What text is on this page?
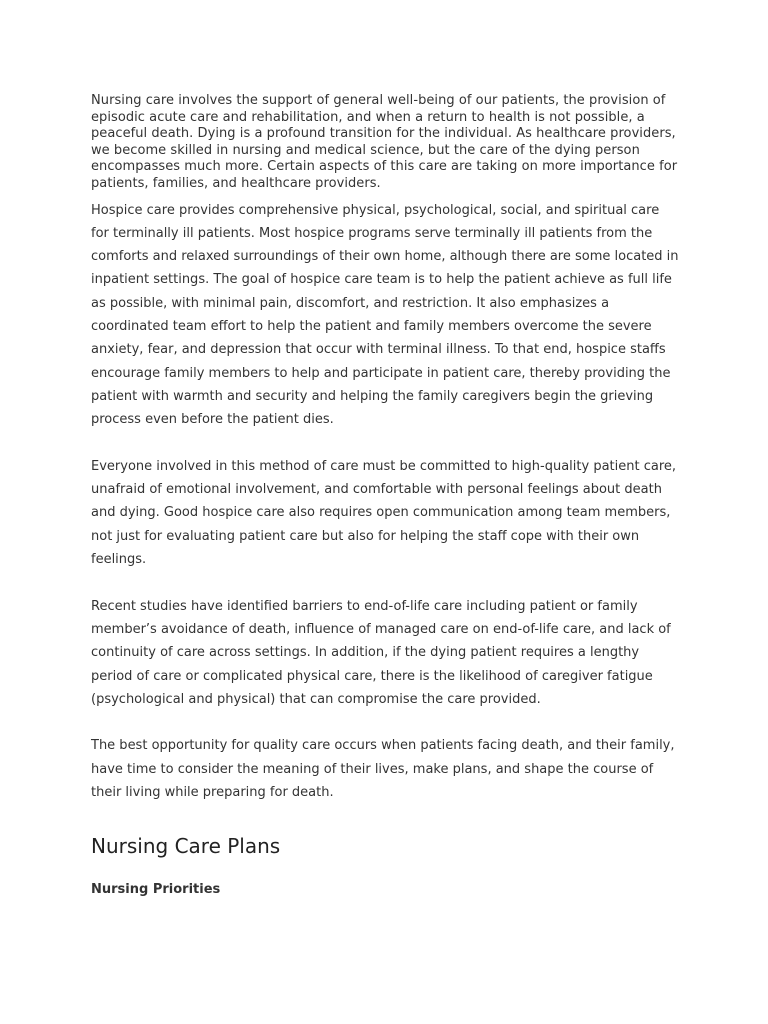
Nursing care involves the support of general well-being of our patients, the provision of episodic acute care and rehabilitation, and when a return to health is not possible, a peaceful death. Dying is a profound transition for the individual. As healthcare providers, we become skilled in nursing and medical science, but the care of the dying person encompasses much more. Certain aspects of this care are taking on more importance for patients, families, and healthcare providers.

Hospice care provides comprehensive physical, psychological, social, and spiritual care for terminally ill patients. Most hospice programs serve terminally ill patients from the comforts and relaxed surroundings of their own home, although there are some located in inpatient settings. The goal of hospice care team is to help the patient achieve as full life as possible, with minimal pain, discomfort, and restriction. It also emphasizes a coordinated team effort to help the patient and family members overcome the severe anxiety, fear, and depression that occur with terminal illness. To that end, hospice staffs encourage family members to help and participate in patient care, thereby providing the patient with warmth and security and helping the family caregivers begin the grieving process even before the patient dies.

Everyone involved in this method of care must be committed to high-quality patient care, unafraid of emotional involvement, and comfortable with personal feelings about death and dying. Good hospice care also requires open communication among team members, not just for evaluating patient care but also for helping the staff cope with their own feelings.

Recent studies have identified barriers to end-of-life care including patient or family member’s avoidance of death, influence of managed care on end-of-life care, and lack of continuity of care across settings. In addition, if the dying patient requires a lengthy period of care or complicated physical care, there is the likelihood of caregiver fatigue (psychological and physical) that can compromise the care provided.

The best opportunity for quality care occurs when patients facing death, and their family, have time to consider the meaning of their lives, make plans, and shape the course of their living while preparing for death.

Nursing Care Plans
Nursing Priorities
